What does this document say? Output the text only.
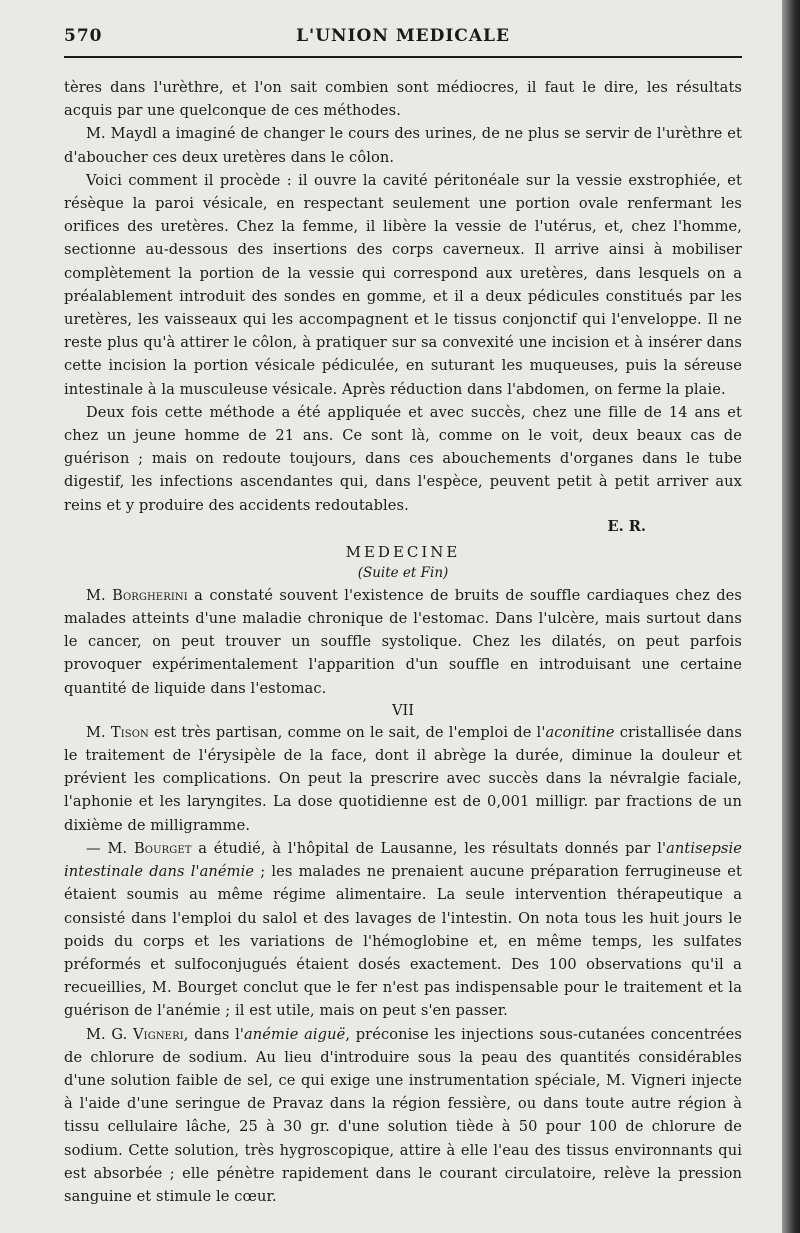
570	L'UNION MEDICALE

tères dans l'urèthre, et l'on sait combien sont médiocres, il faut le dire, les résultats acquis par une quelconque de ces méthodes.

M. Maydl a imaginé de changer le cours des urines, de ne plus se servir de l'urèthre et d'aboucher ces deux uretères dans le côlon.

Voici comment il procède : il ouvre la cavité péritonéale sur la vessie exstrophiée, et résèque la paroi vésicale, en respectant seulement une portion ovale renfermant les orifices des uretères. Chez la femme, il libère la vessie de l'utérus, et, chez l'homme, sectionne au-dessous des insertions des corps caverneux. Il arrive ainsi à mobiliser complètement la portion de la vessie qui correspond aux uretères, dans lesquels on a préalablement introduit des sondes en gomme, et il a deux pédicules constitués par les uretères, les vaisseaux qui les accompagnent et le tissus conjonctif qui l'enveloppe. Il ne reste plus qu'à attirer le côlon, à pratiquer sur sa convexité une incision et à insérer dans cette incision la portion vésicale pédiculée, en suturant les muqueuses, puis la séreuse intestinale à la musculeuse vésicale. Après réduction dans l'abdomen, on ferme la plaie.

Deux fois cette méthode a été appliquée et avec succès, chez une fille de 14 ans et chez un jeune homme de 21 ans. Ce sont là, comme on le voit, deux beaux cas de guérison ; mais on redoute toujours, dans ces abouchements d'organes dans le tube digestif, les infections ascendantes qui, dans l'espèce, peuvent petit à petit arriver aux reins et y produire des accidents redoutables.

E. R.
MEDECINE
(Suite et Fin)

M. Borgherini a constaté souvent l'existence de bruits de souffle cardiaques chez des malades atteints d'une maladie chronique de l'estomac. Dans l'ulcère, mais surtout dans le cancer, on peut trouver un souffle systolique. Chez les dilatés, on peut parfois provoquer expérimentalement l'apparition d'un souffle en introduisant une certaine quantité de liquide dans l'estomac.

VII

M. Tison est très partisan, comme on le sait, de l'emploi de l'aconitine cristallisée dans le traitement de l'érysipèle de la face, dont il abrège la durée, diminue la douleur et prévient les complications. On peut la prescrire avec succès dans la névralgie faciale, l'aphonie et les laryngites. La dose quotidienne est de 0,001 milligr. par fractions de un dixième de milligramme.

— M. Bourget a étudié, à l'hôpital de Lausanne, les résultats donnés par l'antisepsie intestinale dans l'anémie ; les malades ne prenaient aucune préparation ferrugineuse et étaient soumis au même régime alimentaire. La seule intervention thérapeutique a consisté dans l'emploi du salol et des lavages de l'intestin. On nota tous les huit jours le poids du corps et les variations de l'hémoglobine et, en même temps, les sulfates préformés et sulfoconjugués étaient dosés exactement. Des 100 observations qu'il a recueillies, M. Bourget conclut que le fer n'est pas indispensable pour le traitement et la guérison de l'anémie ; il est utile, mais on peut s'en passer.

M. G. Vigneri, dans l'anémie aiguë, préconise les injections sous-cutanées concentrées de chlorure de sodium. Au lieu d'introduire sous la peau des quantités considérables d'une solution faible de sel, ce qui exige une instrumentation spéciale, M. Vigneri injecte à l'aide d'une seringue de Pravaz dans la région fessière, ou dans toute autre région à tissu cellulaire lâche, 25 à 30 gr. d'une solution tiède à 50 pour 100 de chlorure de sodium. Cette solution, très hygroscopique, attire à elle l'eau des tissus environnants qui est absorbée ; elle pénètre rapidement dans le courant circulatoire, relève la pression sanguine et stimule le cœur.
